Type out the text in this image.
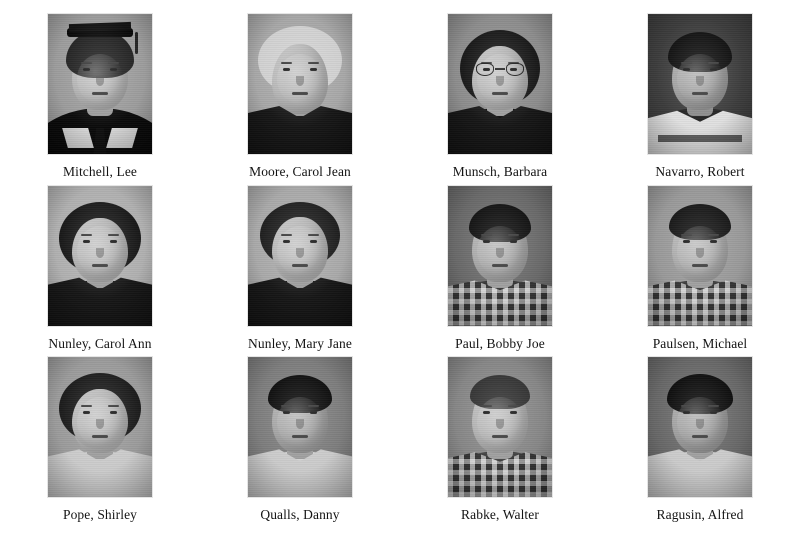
Mitchell, Lee	Moore, Carol Jean	Munsch, Barbara	Navarro, Robert
Nunley, Carol Ann	Nunley, Mary Jane	Paul, Bobby Joe	Paulsen, Michael
Pope, Shirley	Qualls, Danny	Rabke, Walter	Ragusin, Alfred
